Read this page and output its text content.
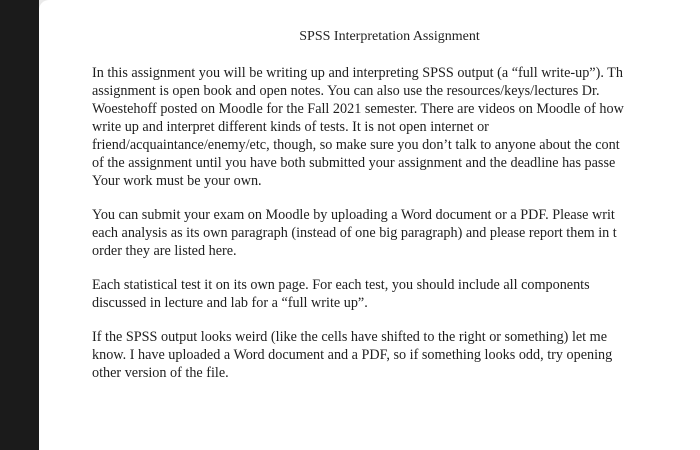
SPSS Interpretation Assignment

In this assignment you will be writing up and interpreting SPSS output (a “full write-up”). Th
assignment is open book and open notes. You can also use the resources/keys/lectures Dr.
Woestehoff posted on Moodle for the Fall 2021 semester. There are videos on Moodle of how
write up and interpret different kinds of tests. It is not open internet or
friend/acquaintance/enemy/etc, though, so make sure you don’t talk to anyone about the cont
of the assignment until you have both submitted your assignment and the deadline has passe
Your work must be your own.

You can submit your exam on Moodle by uploading a Word document or a PDF. Please writ
each analysis as its own paragraph (instead of one big paragraph) and please report them in t
order they are listed here.

Each statistical test it on its own page. For each test, you should include all components
discussed in lecture and lab for a “full write up”.

If the SPSS output looks weird (like the cells have shifted to the right or something) let me
know. I have uploaded a Word document and a PDF, so if something looks odd, try opening
other version of the file.
